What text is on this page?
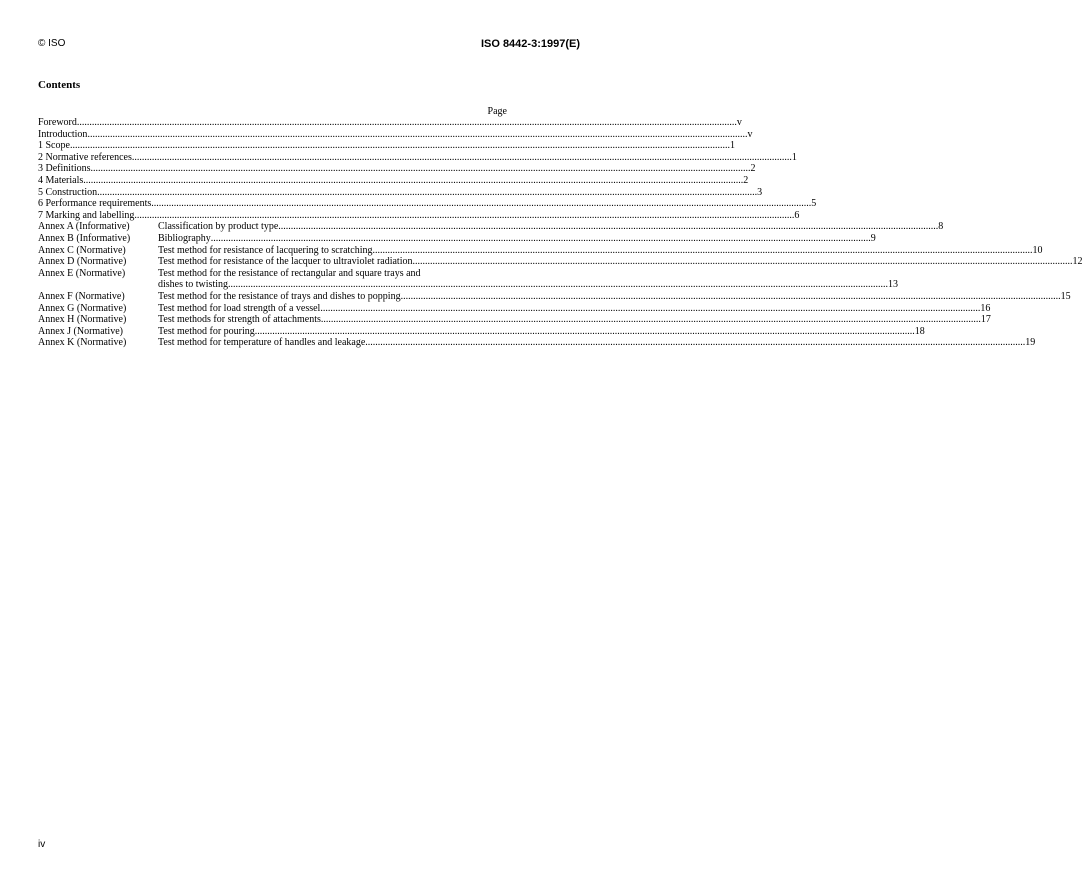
© ISO	ISO 8442-3:1997(E)
Contents
Page
Foreword .....	v
Introduction .....	v
1 Scope .....	1
2 Normative references .....	1
3 Definitions .....	2
4 Materials .....	2
5 Construction .....	3
6 Performance requirements .....	5
7 Marking and labelling .....	6
Annex A (Informative)	Classification by product type .....	8
Annex B (Informative)	Bibliography .....	9
Annex C (Normative)	Test method for resistance of lacquering to scratching .....	10
Annex D (Normative)	Test method for resistance of the lacquer to ultraviolet radiation .....	12
Annex E (Normative)	Test method for the resistance of rectangular and square trays and
dishes to twisting .....	13
Annex F (Normative)	Test method for the resistance of trays and dishes to popping .....	15
Annex G (Normative)	Test method for load strength of a vessel .....	16
Annex H (Normative)	Test methods for strength of attachments .....	17
Annex J (Normative)	Test method for pouring .....	18
Annex K (Normative)	Test method for temperature of handles and leakage .....	19
iv
